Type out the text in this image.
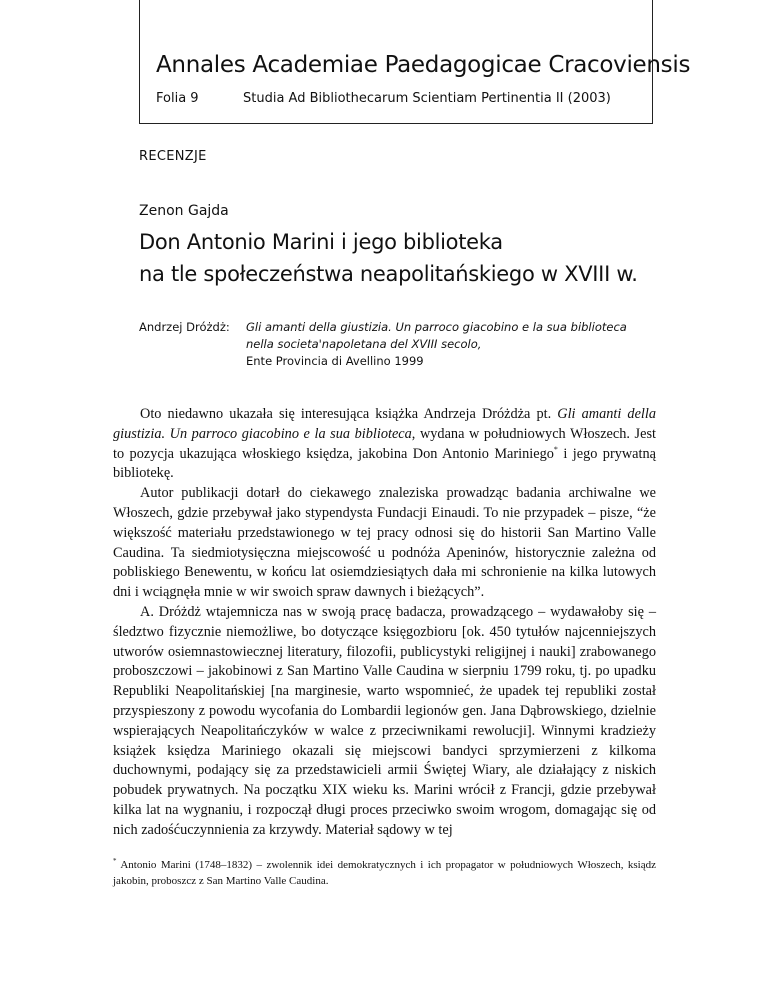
Annales Academiae Paedagogicae Cracoviensis
Folia 9	Studia Ad Bibliothecarum Scientiam Pertinentia II (2003)
RECENZJE
Zenon Gajda
Don Antonio Marini i jego biblioteka
na tle społeczeństwa neapolitańskiego w XVIII w.
Andrzej Dróżdż: Gli amanti della giustizia. Un parroco giacobino e la sua biblioteca
nella societa'napoletana del XVIII secolo,
Ente Provincia di Avellino 1999

Oto niedawno ukazała się interesująca książka Andrzeja Dróżdża pt. Gli amanti della giustizia. Un parroco giacobino e la sua biblioteca, wydana w południowych Włoszech. Jest to pozycja ukazująca włoskiego księdza, jakobina Don Antonio Mariniego* i jego prywatną bibliotekę.

Autor publikacji dotarł do ciekawego znaleziska prowadząc badania archiwalne we Włoszech, gdzie przebywał jako stypendysta Fundacji Einaudi. To nie przypadek – pisze, “że większość materiału przedstawionego w tej pracy odnosi się do historii San Martino Valle Caudina. Ta siedmiotysięczna miejscowość u podnóża Apeninów, historycznie zależna od pobliskiego Benewentu, w końcu lat osiemdziesiątych dała mi schronienie na kilka lutowych dni i wciągnęła mnie w wir swoich spraw dawnych i bieżących”.

A. Dróżdż wtajemnicza nas w swoją pracę badacza, prowadzącego – wydawałoby się – śledztwo fizycznie niemożliwe, bo dotyczące księgozbioru [ok. 450 tytułów najcenniejszych utworów osiemnastowiecznej literatury, filozofii, publicystyki religijnej i nauki] zrabowanego proboszczowi – jakobinowi z San Martino Valle Caudina w sierpniu 1799 roku, tj. po upadku Republiki Neapolitańskiej [na marginesie, warto wspomnieć, że upadek tej republiki został przyspieszony z powodu wycofania do Lombardii legionów gen. Jana Dąbrowskiego, dzielnie wspierających Neapolitańczyków w walce z przeciwnikami rewolucji]. Winnymi kradzieży książek księdza Mariniego okazali się miejscowi bandyci sprzymierzeni z kilkoma duchownymi, podający się za przedstawicieli armii Świętej Wiary, ale działający z niskich pobudek prywatnych. Na początku XIX wieku ks. Marini wrócił z Francji, gdzie przebywał kilka lat na wygnaniu, i rozpoczął długi proces przeciwko swoim wrogom, domagając się od nich zadośćuczynnienia za krzywdy. Materiał sądowy w tej

* Antonio Marini (1748–1832) – zwolennik idei demokratycznych i ich propagator w południowych Włoszech, ksiądz jakobin, proboszcz z San Martino Valle Caudina.
